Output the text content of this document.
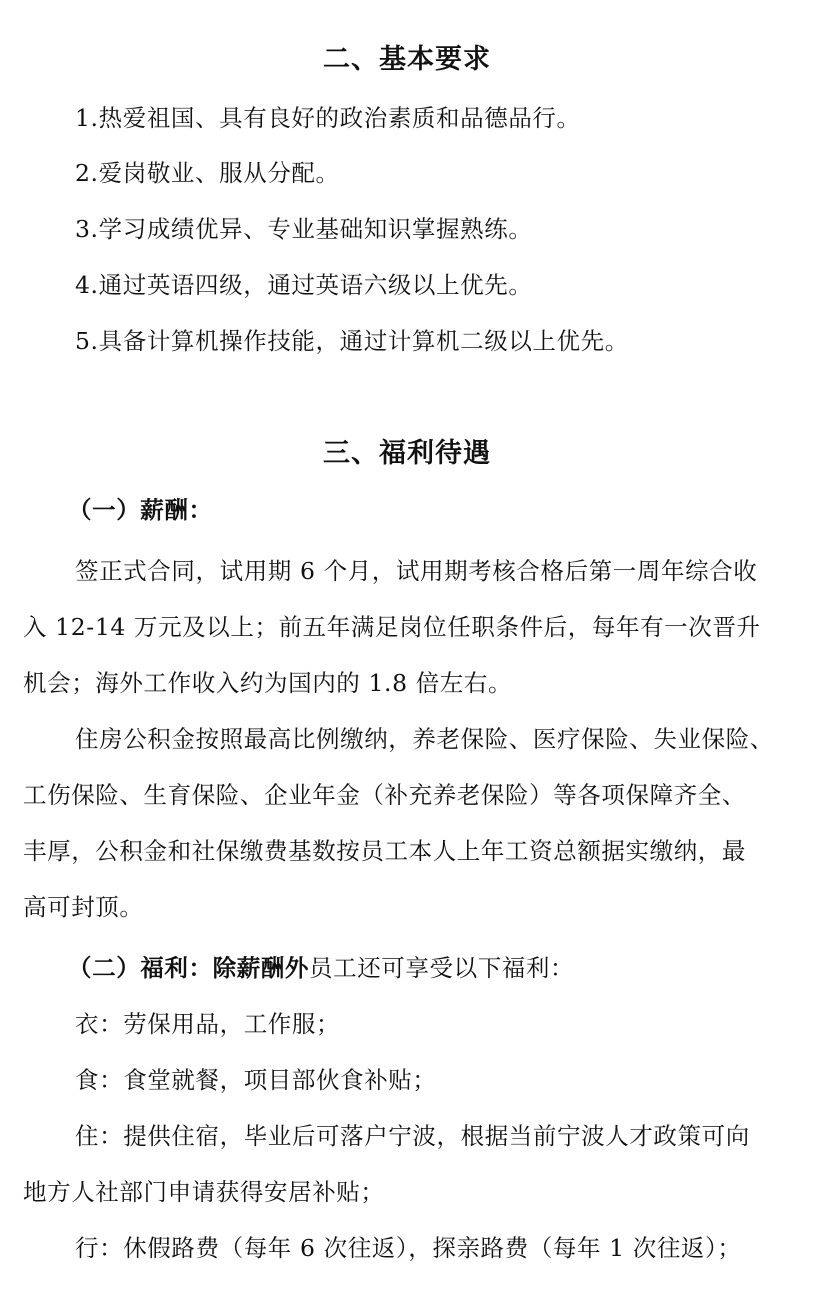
二、基本要求
1.热爱祖国、具有良好的政治素质和品德品行。
2.爱岗敬业、服从分配。
3.学习成绩优异、专业基础知识掌握熟练。
4.通过英语四级，通过英语六级以上优先。
5.具备计算机操作技能，通过计算机二级以上优先。
三、福利待遇
（一）薪酬：
签正式合同，试用期 6 个月，试用期考核合格后第一周年综合收
入 12-14 万元及以上；前五年满足岗位任职条件后，每年有一次晋升
机会；海外工作收入约为国内的 1.8 倍左右。
住房公积金按照最高比例缴纳，养老保险、医疗保险、失业保险、
工伤保险、生育保险、企业年金（补充养老保险）等各项保障齐全、
丰厚，公积金和社保缴费基数按员工本人上年工资总额据实缴纳，最
高可封顶。
（二）福利：除薪酬外员工还可享受以下福利：
衣：劳保用品，工作服；
食：食堂就餐，项目部伙食补贴；
住：提供住宿，毕业后可落户宁波，根据当前宁波人才政策可向
地方人社部门申请获得安居补贴；
行：休假路费（每年 6 次往返），探亲路费（每年 1 次往返）；
